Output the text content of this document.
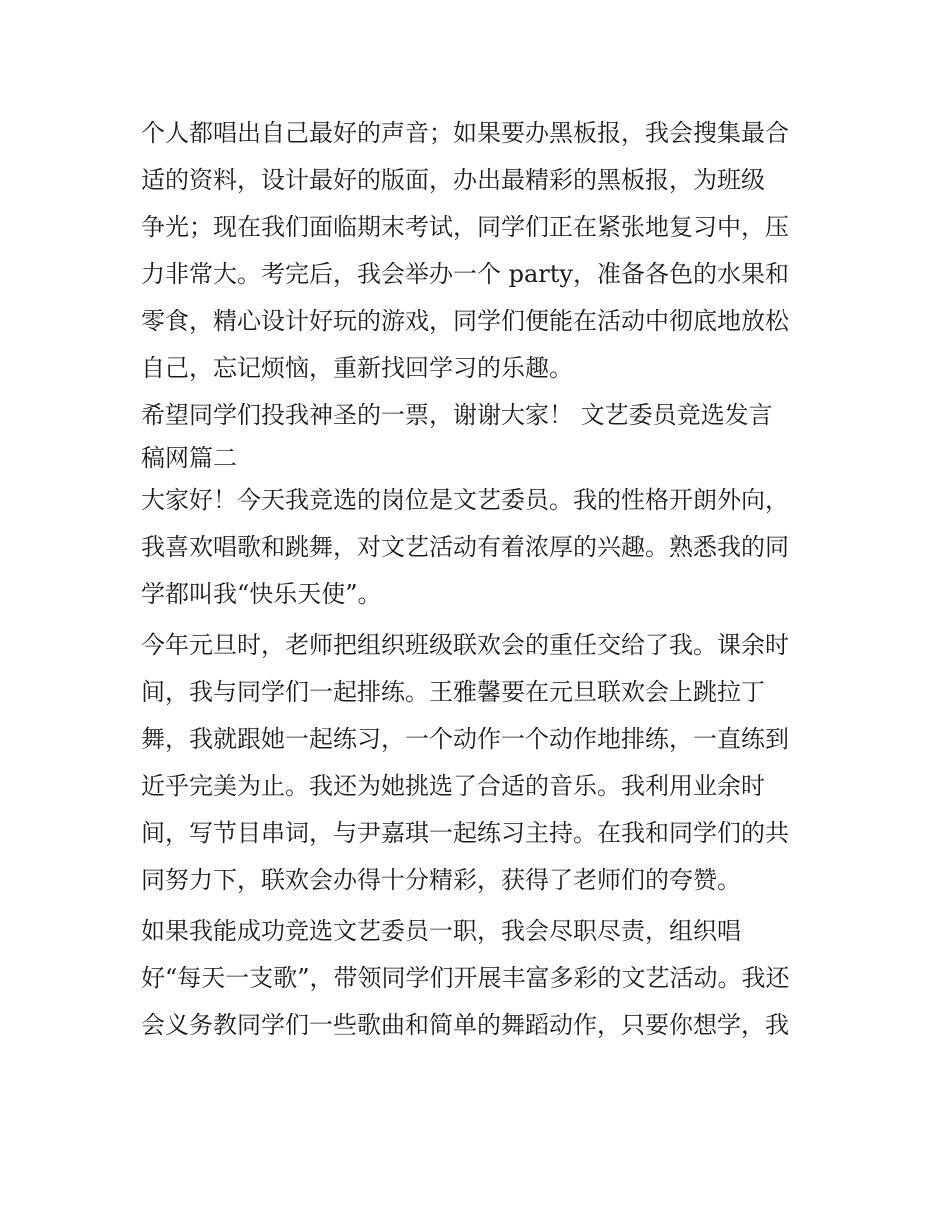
个人都唱出自己最好的声音；如果要办黑板报，我会搜集最合
适的资料，设计最好的版面，办出最精彩的黑板报，为班级
争光；现在我们面临期末考试，同学们正在紧张地复习中，压
力非常大。考完后，我会举办一个 party，准备各色的水果和
零食，精心设计好玩的游戏，同学们便能在活动中彻底地放松
自己，忘记烦恼，重新找回学习的乐趣。
希望同学们投我神圣的一票，谢谢大家！ 文艺委员竞选发言
稿网篇二
大家好！今天我竞选的岗位是文艺委员。我的性格开朗外向，
我喜欢唱歌和跳舞，对文艺活动有着浓厚的兴趣。熟悉我的同
学都叫我“快乐天使”。
今年元旦时，老师把组织班级联欢会的重任交给了我。课余时
间，我与同学们一起排练。王雅馨要在元旦联欢会上跳拉丁
舞，我就跟她一起练习，一个动作一个动作地排练，一直练到
近乎完美为止。我还为她挑选了合适的音乐。我利用业余时
间，写节目串词，与尹嘉琪一起练习主持。在我和同学们的共
同努力下，联欢会办得十分精彩，获得了老师们的夸赞。
如果我能成功竞选文艺委员一职，我会尽职尽责，组织唱
好“每天一支歌”，带领同学们开展丰富多彩的文艺活动。我还
会义务教同学们一些歌曲和简单的舞蹈动作，只要你想学，我
